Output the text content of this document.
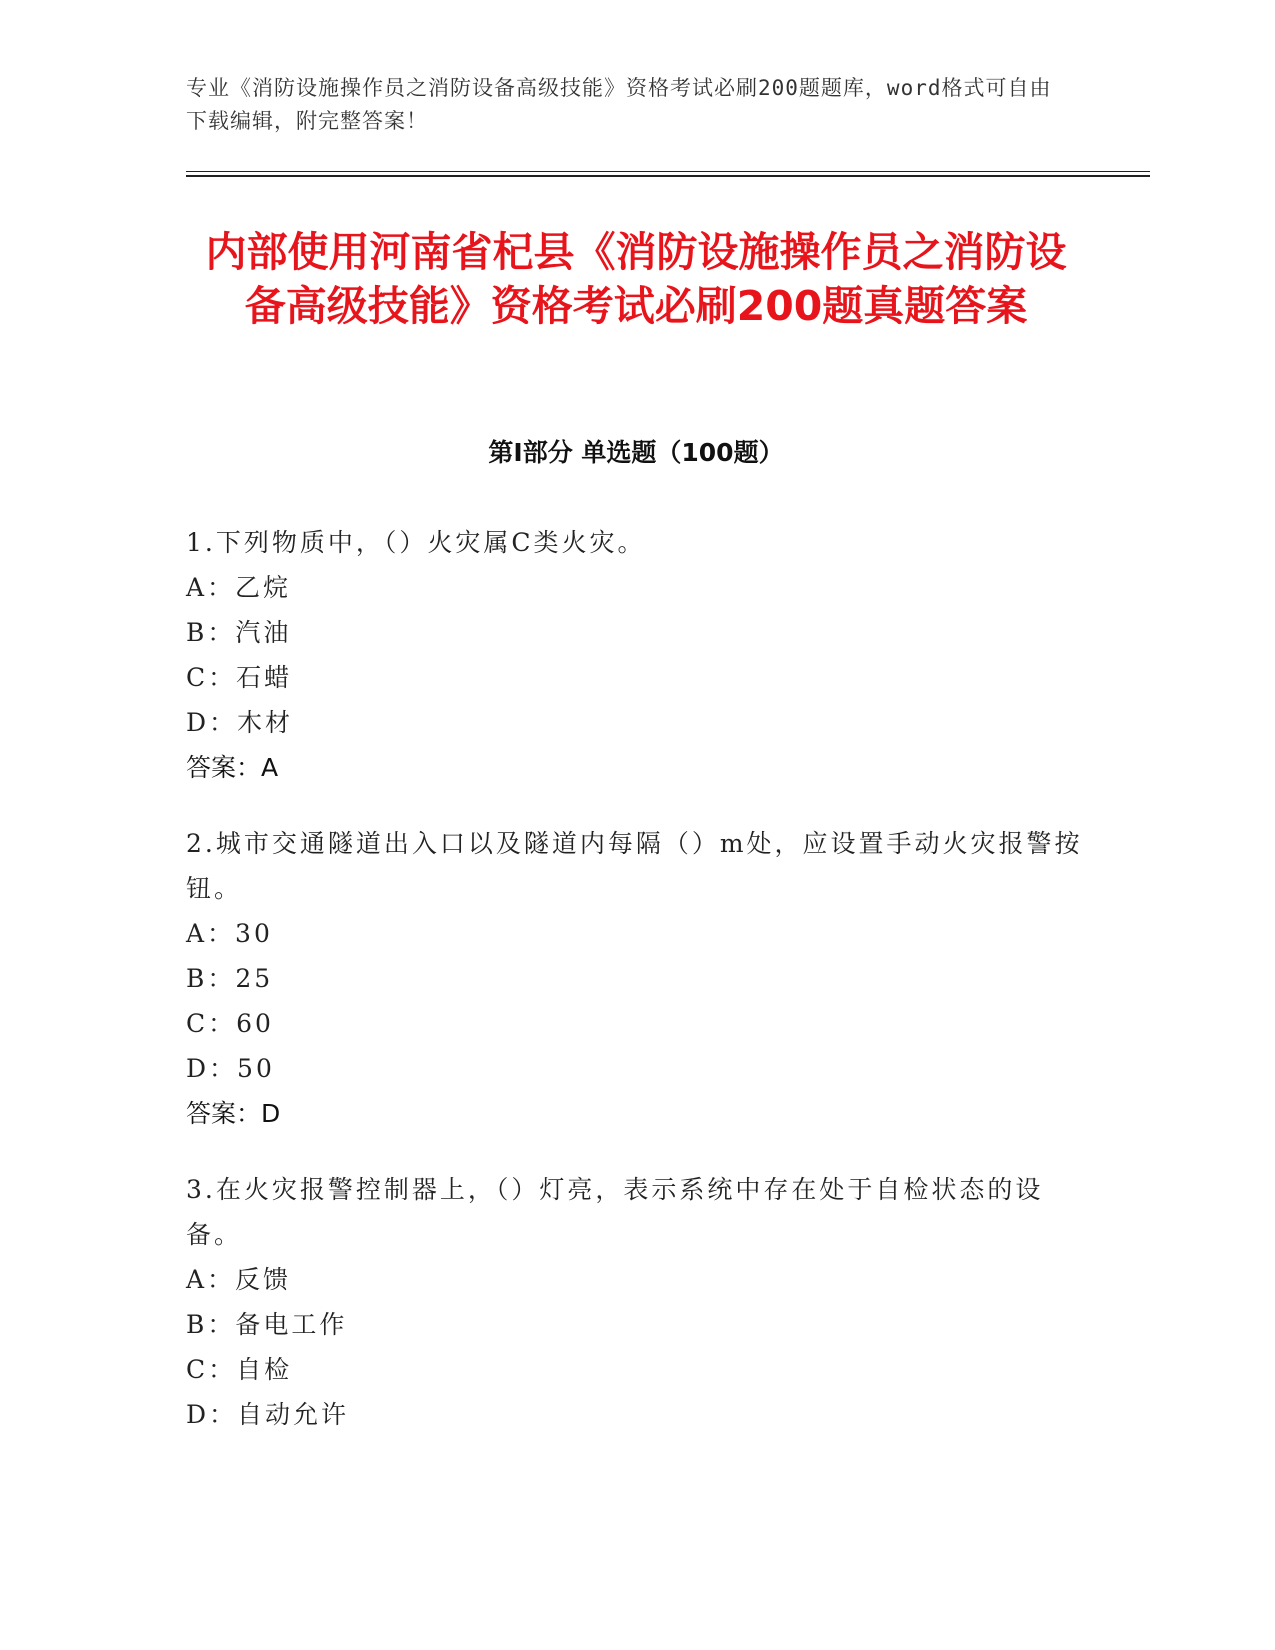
专业《消防设施操作员之消防设备高级技能》资格考试必刷200题题库，word格式可自由下载编辑，附完整答案！
内部使用河南省杞县《消防设施操作员之消防设备高级技能》资格考试必刷200题真题答案
第Ⅰ部分 单选题（100题）

1.下列物质中，（）火灾属C类火灾。

A：乙烷

B：汽油

C：石蜡

D：木材

答案：A

2.城市交通隧道出入口以及隧道内每隔（）m处，应设置手动火灾报警按钮。

A：30

B：25

C：60

D：50

答案：D

3.在火灾报警控制器上，（）灯亮，表示系统中存在处于自检状态的设备。

A：反馈

B：备电工作

C：自检

D：自动允许
